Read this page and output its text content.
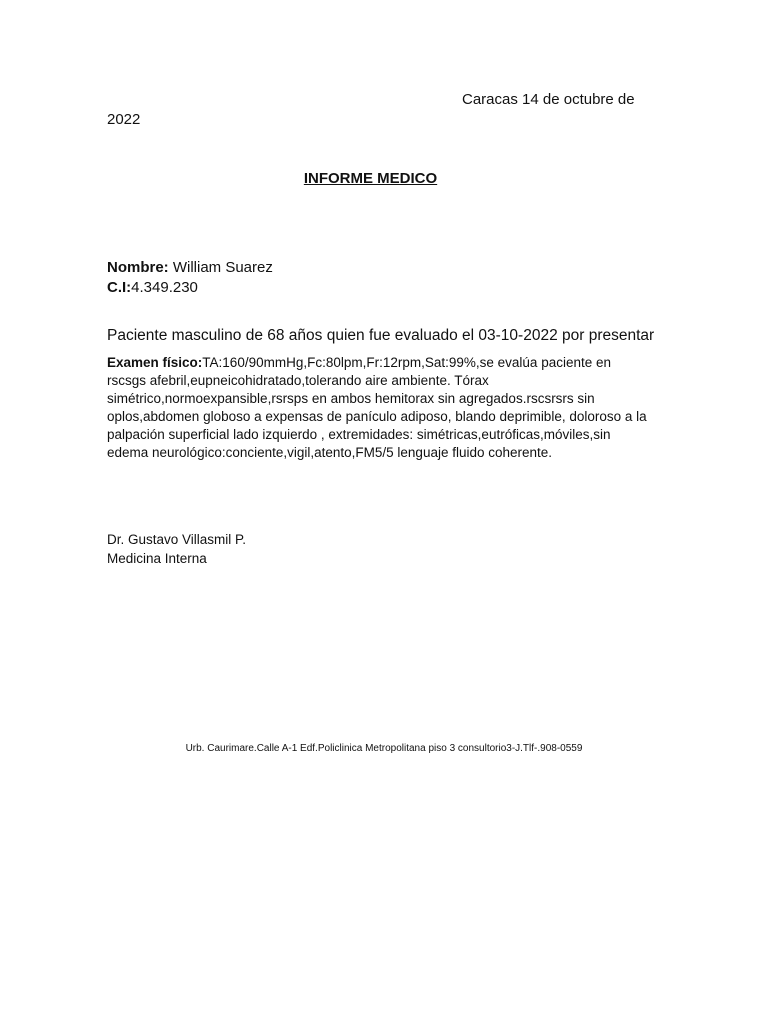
Caracas 14 de octubre de
2022
INFORME MEDICO
Nombre: William Suarez
C.I:4.349.230
Paciente masculino de 68 años quien fue evaluado el 03-10-2022 por presentar
Examen físico:TA:160/90mmHg,Fc:80lpm,Fr:12rpm,Sat:99%,se evalúa paciente en
rscsgs afebril,eupneicohidratado,tolerando aire ambiente. Tórax
simétrico,normoexpansible,rsrsps en ambos hemitorax sin agregados.rscsrsrs sin
oplos,abdomen globoso a expensas de panículo adiposo, blando deprimible, doloroso a la
palpación superficial lado izquierdo , extremidades: simétricas,eutróficas,móviles,sin
edema neurológico:conciente,vigil,atento,FM5/5 lenguaje fluido coherente.
Dr. Gustavo Villasmil P.
Medicina Interna
Urb. Caurimare.Calle A-1 Edf.Policlinica Metropolitana piso 3 consultorio3-J.Tlf-.908-0559
